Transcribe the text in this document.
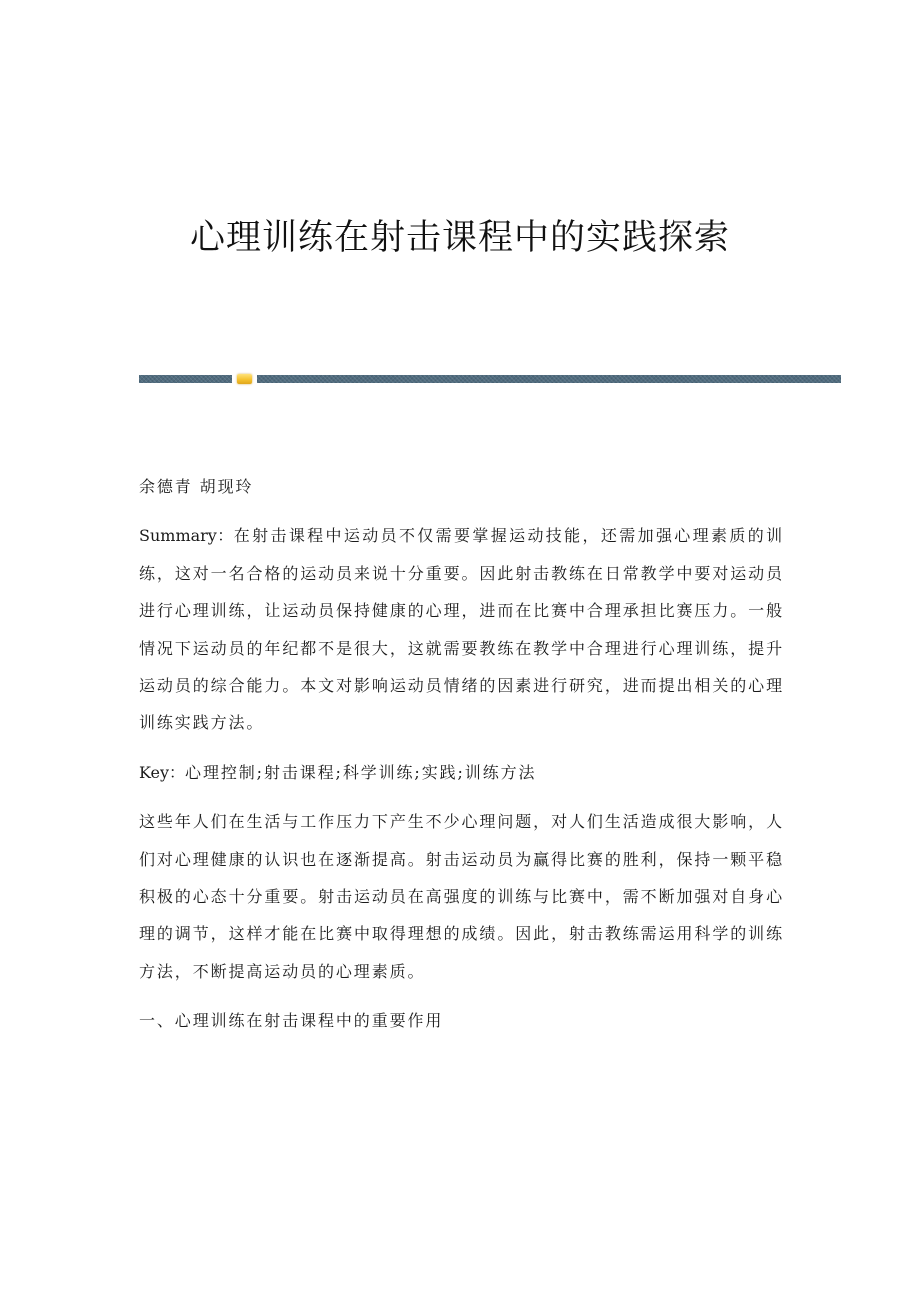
心理训练在射击课程中的实践探索

余德青 胡现玲

Summary：在射击课程中运动员不仅需要掌握运动技能，还需加强心理素质的训练，这对一名合格的运动员来说十分重要。因此射击教练在日常教学中要对运动员进行心理训练，让运动员保持健康的心理，进而在比赛中合理承担比赛压力。一般情况下运动员的年纪都不是很大，这就需要教练在教学中合理进行心理训练，提升运动员的综合能力。本文对影响运动员情绪的因素进行研究，进而提出相关的心理训练实践方法。

Key：心理控制;射击课程;科学训练;实践;训练方法

这些年人们在生活与工作压力下产生不少心理问题，对人们生活造成很大影响，人们对心理健康的认识也在逐渐提高。射击运动员为赢得比赛的胜利，保持一颗平稳积极的心态十分重要。射击运动员在高强度的训练与比赛中，需不断加强对自身心理的调节，这样才能在比赛中取得理想的成绩。因此，射击教练需运用科学的训练方法，不断提高运动员的心理素质。

一、心理训练在射击课程中的重要作用
